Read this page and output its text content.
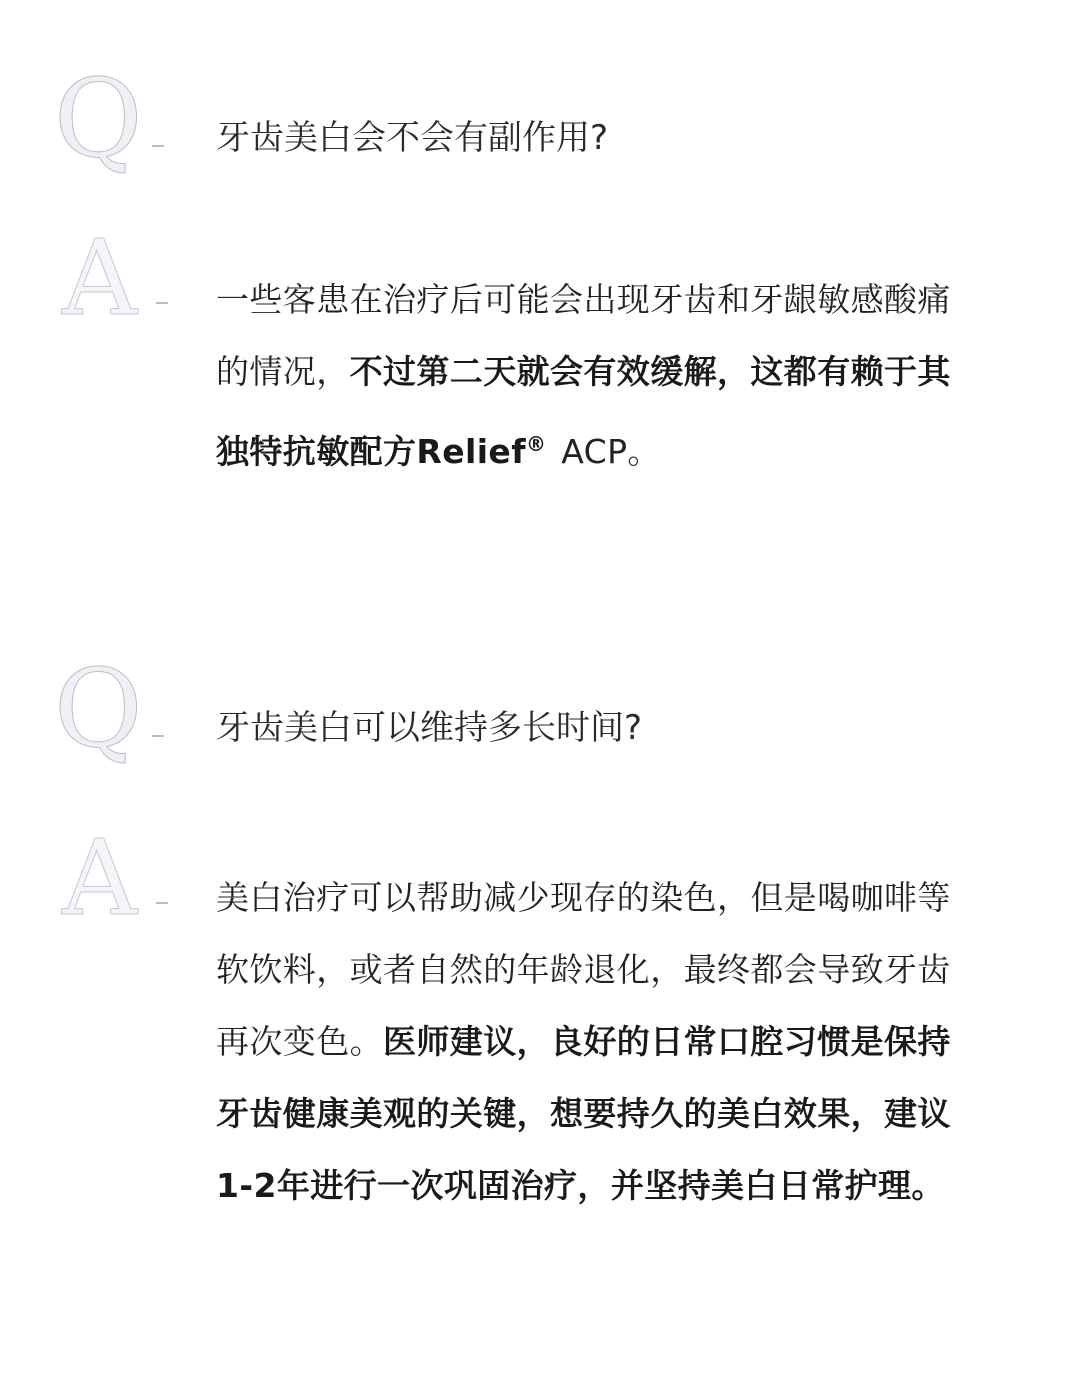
Q 牙齿美白会不会有副作用?
A 一些客患在治疗后可能会出现牙齿和牙龈敏感酸痛
的情况，不过第二天就会有效缓解，这都有赖于其
独特抗敏配方Relief® ACP。
Q 牙齿美白可以维持多长时间?
A 美白治疗可以帮助减少现存的染色，但是喝咖啡等
软饮料，或者自然的年龄退化，最终都会导致牙齿
再次变色。医师建议，良好的日常口腔习惯是保持
牙齿健康美观的关键，想要持久的美白效果，建议
1-2年进行一次巩固治疗，并坚持美白日常护理。
